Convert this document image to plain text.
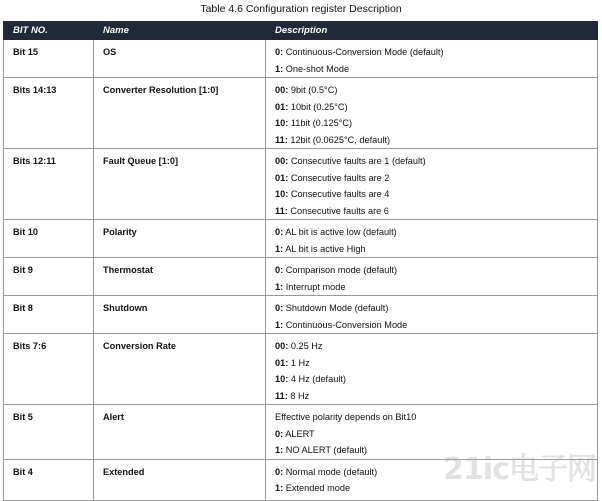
Table 4.6 Configuration register Description
BIT NO.	Name	Description
Bit 15	OS	0: Continuous-Conversion Mode (default)
1: One-shot Mode

Bits 14:13	Converter Resolution [1:0]	00: 9bit (0.5°C)
01: 10bit (0.25°C)
10: 11bit (0.125°C)
11: 12bit (0.0625°C, default)

Bits 12:11	Fault Queue [1:0]	00: Consecutive faults are 1 (default)
01: Consecutive faults are 2
10: Consecutive faults are 4
11: Consecutive faults are 6

Bit 10	Polarity	0: AL bit is active low (default)
1: AL bit is active High

Bit 9	Thermostat	0: Comparison mode (default)
1: Interrupt mode

Bit 8	Shutdown	0: Shutdown Mode (default)
1: Continuous-Conversion Mode

Bits 7:6	Conversion Rate	00: 0.25 Hz
01: 1 Hz
10: 4 Hz (default)
11: 8 Hz

Bit 5	Alert	Effective polarity depends on Bit10
0: ALERT
1: NO ALERT (default)

Bit 4	Extended	0: Normal mode (default)
1: Extended mode	21ic电子网
